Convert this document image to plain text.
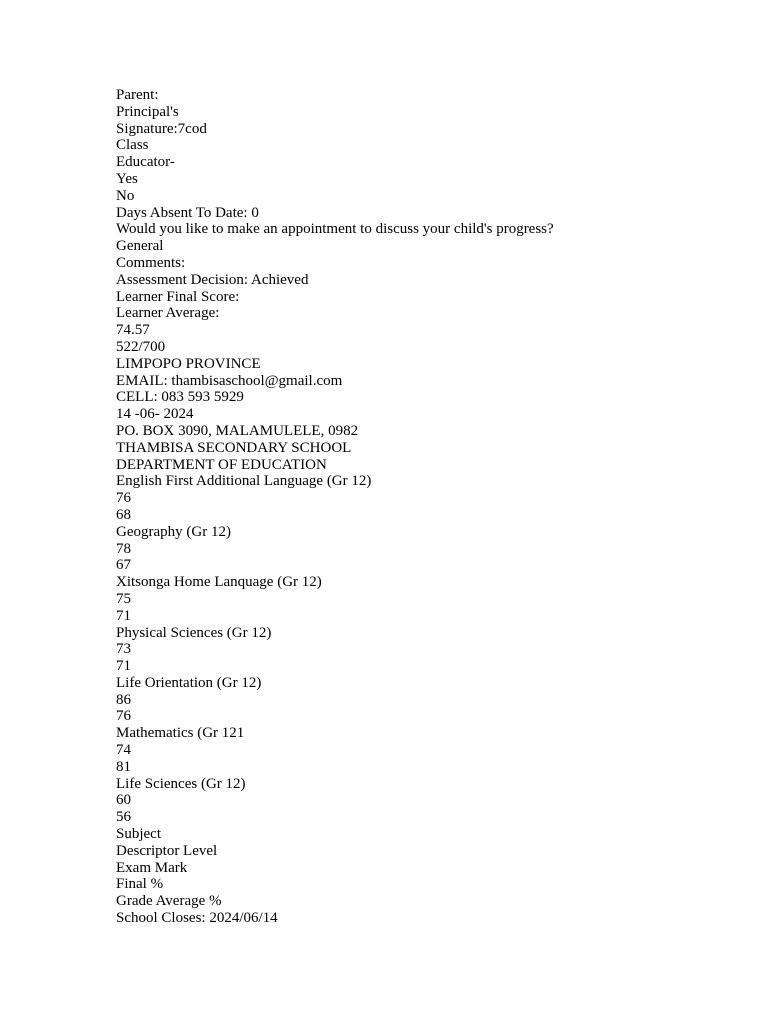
Parent:
Principal's
Signature:7cod
Class
Educator-
Yes
No
Days Absent To Date: 0
Would you like to make an appointment to discuss your child's progress?
General
Comments:
Assessment Decision: Achieved
Learner Final Score:
Learner Average:
74.57
522/700
LIMPOPO PROVINCE
EMAIL: thambisaschool@gmail.com
CELL: 083 593 5929
14 -06- 2024
PO. BOX 3090, MALAMULELE, 0982
THAMBISA SECONDARY SCHOOL
DEPARTMENT OF EDUCATION
English First Additional Language (Gr 12)
76
68
Geography (Gr 12)
78
67
Xitsonga Home Lanquage (Gr 12)
75
71
Physical Sciences (Gr 12)
73
71
Life Orientation (Gr 12)
86
76
Mathematics (Gr 121
74
81
Life Sciences (Gr 12)
60
56
Subject
Descriptor Level
Exam Mark
Final %
Grade Average %
School Closes: 2024/06/14
